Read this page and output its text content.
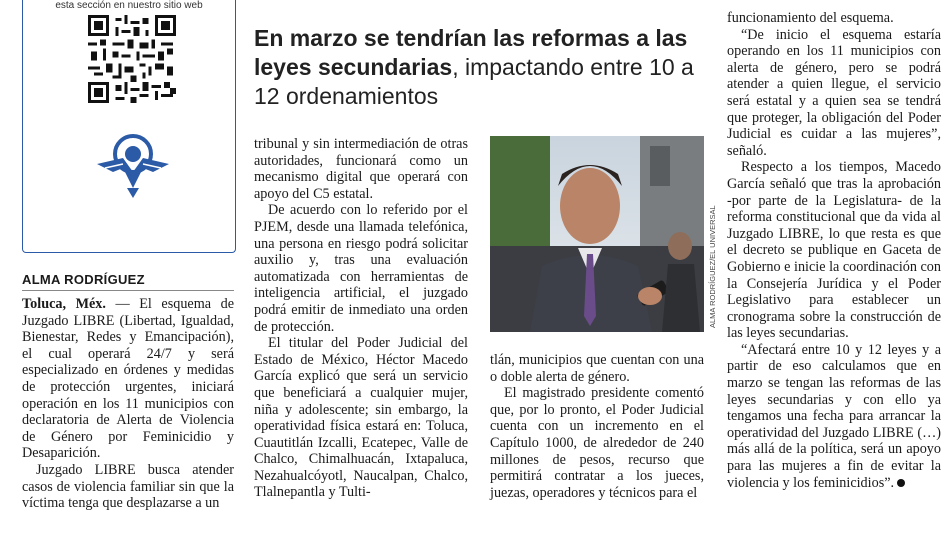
esta sección en nuestro sitio web
ALMA RODRÍGUEZ
En marzo se tendrían las reformas a las leyes secundarias, impactando entre 10 a 12 ordenamientos

Toluca, Méx. — El esquema de Juzgado LIBRE (Libertad, Igualdad, Bienestar, Redes y Emancipación), el cual operará 24/7 y será especializado en órdenes y medidas de protección urgentes, iniciará operación en los 11 municipios con declaratoria de Alerta de Violencia de Género por Feminicidio y Desaparición.

Juzgado LIBRE busca atender casos de violencia familiar sin que la víctima tenga que desplazarse a un

tribunal y sin intermediación de otras autoridades, funcionará como un mecanismo digital que operará con apoyo del C5 estatal.

De acuerdo con lo referido por el PJEM, desde una llamada telefónica, una persona en riesgo podrá solicitar auxilio y, tras una evaluación automatizada con herramientas de inteligencia artificial, el juzgado podrá emitir de inmediato una orden de protección.

El titular del Poder Judicial del Estado de México, Héctor Macedo García explicó que será un servicio que beneficiará a cualquier mujer, niña y adolescente; sin embargo, la operatividad física estará en: Toluca, Cuautitlán Izcalli, Ecatepec, Valle de Chalco, Chimalhuacán, Ixtapaluca, Nezahualcóyotl, Naucalpan, Chalco, Tlalnepantla y Tulti-

ALMA RODRÍGUEZ/EL UNIVERSAL

tlán, municipios que cuentan con una o doble alerta de género.

El magistrado presidente comentó que, por lo pronto, el Poder Judicial cuenta con un incremento en el Capítulo 1000, de alrededor de 240 millones de pesos, recurso que permitirá contratar a los jueces, juezas, operadores y técnicos para el

funcionamiento del esquema.

“De inicio el esquema estaría operando en los 11 municipios con alerta de género, pero se podrá atender a quien llegue, el servicio será estatal y a quien sea se tendrá que proteger, la obligación del Poder Judicial es cuidar a las mujeres”, señaló.

Respecto a los tiempos, Macedo García señaló que tras la aprobación -por parte de la Legislatura- de la reforma constitucional que da vida al Juzgado LIBRE, lo que resta es que el decreto se publique en Gaceta de Gobierno e inicie la coordinación con la Consejería Jurídica y el Poder Legislativo para establecer un cronograma sobre la construcción de las leyes secundarias.

“Afectará entre 10 y 12 leyes y a partir de eso calculamos que en marzo se tengan las reformas de las leyes secundarias y con ello ya tengamos una fecha para arrancar la operatividad del Juzgado LIBRE (…) más allá de la política, será un apoyo para las mujeres a fin de evitar la violencia y los feminicidios”.
